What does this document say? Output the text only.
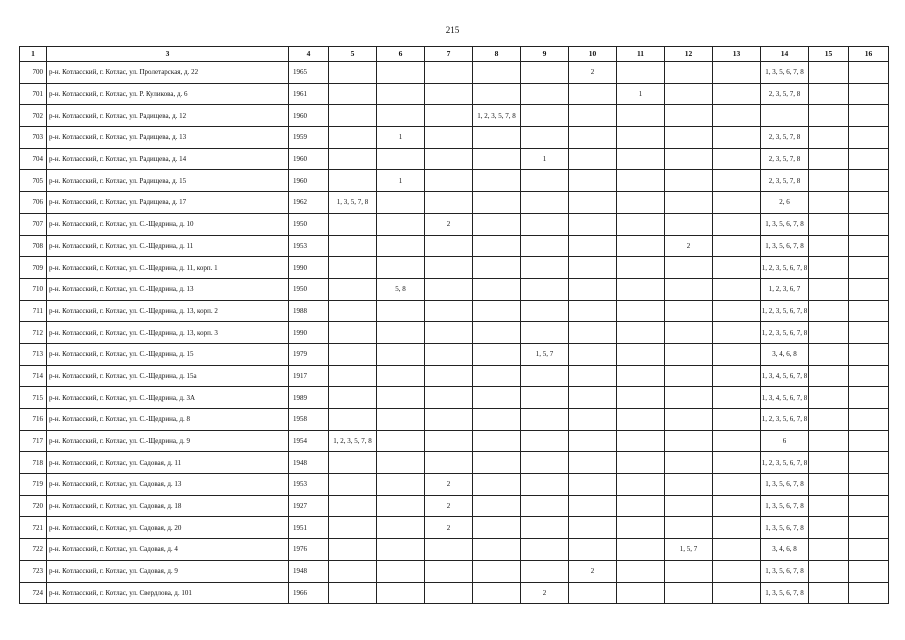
215
1	3	4	5	6	7	8	9	10	11	12	13	14	15	16
700	р-н. Котласский, г. Котлас, ул. Пролетарская, д. 22	1965						2				1, 3, 5, 6, 7, 8		
701	р-н. Котласский, г. Котлас, ул. Р. Куликова, д. 6	1961							1			2, 3, 5, 7, 8		
702	р-н. Котласский, г. Котлас, ул. Радищева, д. 12	1960				1, 2, 3, 5, 7, 8								
703	р-н. Котласский, г. Котлас, ул. Радищева, д. 13	1959		1								2, 3, 5, 7, 8		
704	р-н. Котласский, г. Котлас, ул. Радищева, д. 14	1960					1					2, 3, 5, 7, 8		
705	р-н. Котласский, г. Котлас, ул. Радищева, д. 15	1960		1								2, 3, 5, 7, 8		
706	р-н. Котласский, г. Котлас, ул. Радищева, д. 17	1962	1, 3, 5, 7, 8									2, 6		
707	р-н. Котласский, г. Котлас, ул. С.-Щедрина, д. 10	1950			2							1, 3, 5, 6, 7, 8		
708	р-н. Котласский, г. Котлас, ул. С.-Щедрина, д. 11	1953								2		1, 3, 5, 6, 7, 8		
709	р-н. Котласский, г. Котлас, ул. С.-Щедрина, д. 11, корп. 1	1990										1, 2, 3, 5, 6, 7, 8		
710	р-н. Котласский, г. Котлас, ул. С.-Щедрина, д. 13	1950		5, 8								1, 2, 3, 6, 7		
711	р-н. Котласский, г. Котлас, ул. С.-Щедрина, д. 13, корп. 2	1988										1, 2, 3, 5, 6, 7, 8		
712	р-н. Котласский, г. Котлас, ул. С.-Щедрина, д. 13, корп. 3	1990										1, 2, 3, 5, 6, 7, 8		
713	р-н. Котласский, г. Котлас, ул. С.-Щедрина, д. 15	1979					1, 5, 7					3, 4, 6, 8		
714	р-н. Котласский, г. Котлас, ул. С.-Щедрина, д. 15а	1917										1, 3, 4, 5, 6, 7, 8		
715	р-н. Котласский, г. Котлас, ул. С.-Щедрина, д. 3А	1989										1, 3, 4, 5, 6, 7, 8		
716	р-н. Котласский, г. Котлас, ул. С.-Щедрина, д. 8	1958										1, 2, 3, 5, 6, 7, 8		
717	р-н. Котласский, г. Котлас, ул. С.-Щедрина, д. 9	1954	1, 2, 3, 5, 7, 8									6		
718	р-н. Котласский, г. Котлас, ул. Садовая, д. 11	1948										1, 2, 3, 5, 6, 7, 8		
719	р-н. Котласский, г. Котлас, ул. Садовая, д. 13	1953			2							1, 3, 5, 6, 7, 8		
720	р-н. Котласский, г. Котлас, ул. Садовая, д. 18	1927			2							1, 3, 5, 6, 7, 8		
721	р-н. Котласский, г. Котлас, ул. Садовая, д. 20	1951			2							1, 3, 5, 6, 7, 8		
722	р-н. Котласский, г. Котлас, ул. Садовая, д. 4	1976								1, 5, 7		3, 4, 6, 8		
723	р-н. Котласский, г. Котлас, ул. Садовая, д. 9	1948						2				1, 3, 5, 6, 7, 8		
724	р-н. Котласский, г. Котлас, ул. Свердлова, д. 101	1966					2					1, 3, 5, 6, 7, 8		
